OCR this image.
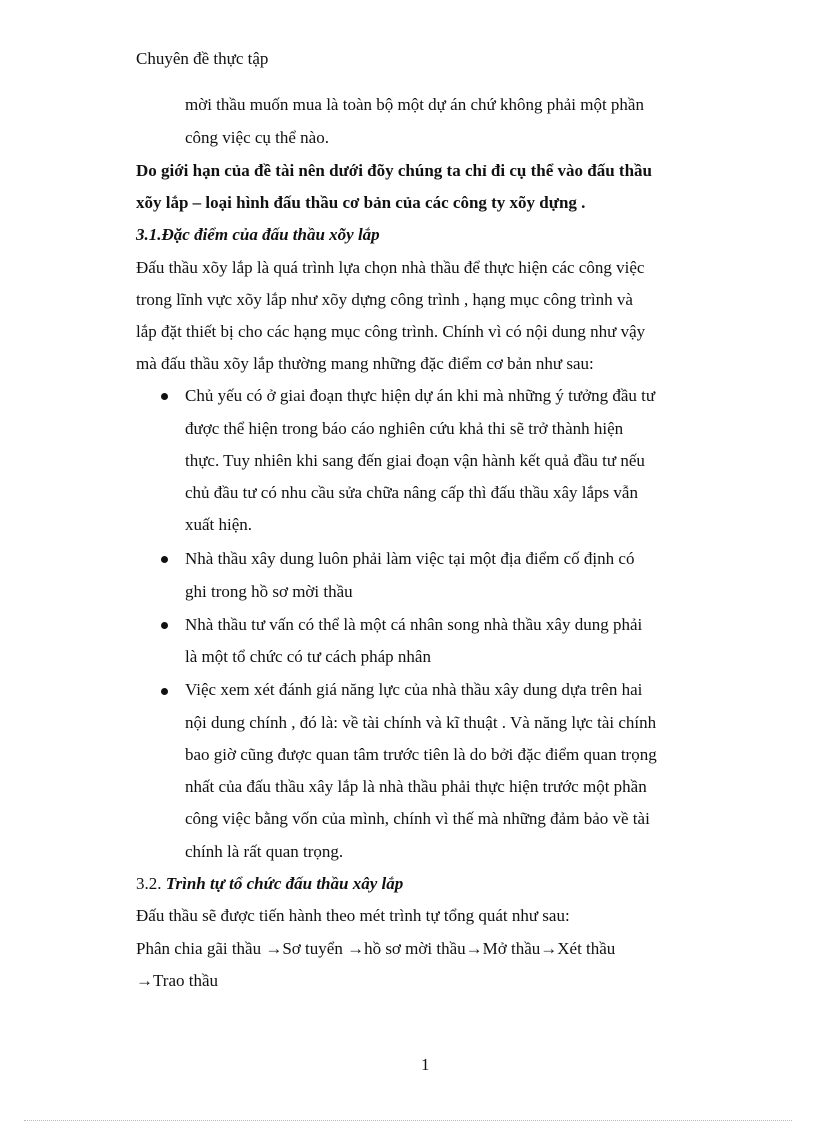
Chuyên đề thực tập
mời thầu muốn mua là toàn bộ một dự án chứ không phải một phần
công việc cụ thể nào.
Do giới hạn của đề tài nên dưới đõy chúng ta chỉ đi cụ thể vào đấu thầu
xõy lắp – loại hình đấu thầu cơ bản của các công ty xõy dựng .
3.1.Đặc điểm của đấu thầu xõy lắp
Đấu thầu xõy lắp là quá trình lựa chọn nhà thầu để thực hiện các công việc
trong lĩnh vực xõy lắp như xõy dựng công trình , hạng mục công trình và
lắp đặt thiết bị cho các hạng mục công trình. Chính vì có nội dung như vậy
mà đấu thầu xõy lắp thường mang những đặc điểm cơ bản như sau:
Chủ yếu có ở giai đoạn thực hiện dự án khi mà những ý tưởng đầu tư
được thể hiện trong báo cáo nghiên cứu khả thi sẽ trở thành hiện
thực. Tuy nhiên khi sang đến giai đoạn vận hành kết quả đầu tư nếu
chủ đầu tư có nhu cầu sửa chữa nâng cấp thì đấu thầu xây lắps vẫn
xuất hiện.
Nhà thầu xây dung luôn phải làm việc tại một địa điểm cố định có
ghi trong hồ sơ mời thầu
Nhà thầu tư vấn có thể là một cá nhân song nhà thầu xây dung phải
là một tổ chức có tư cách pháp nhân
Việc xem xét đánh giá năng lực của nhà thầu xây dung dựa trên hai
nội dung chính , đó là: về tài chính và kĩ thuật . Và năng lực tài chính
bao giờ cũng được quan tâm trước tiên là do bởi đặc điểm quan trọng
nhất của đấu thầu xây lắp là nhà thầu phải thực hiện trước một phần
công việc bằng vốn của mình, chính vì thế mà những đảm bảo về tài
chính là rất quan trọng.
3.2. Trình tự tổ chức đấu thầu xây lắp
Đấu thầu sẽ được tiến hành theo mét trình tự tổng quát như sau:
Phân chia gãi thầu →Sơ tuyển →hồ sơ mời thầu→Mở thầu→Xét thầu
→Trao thầu
1
